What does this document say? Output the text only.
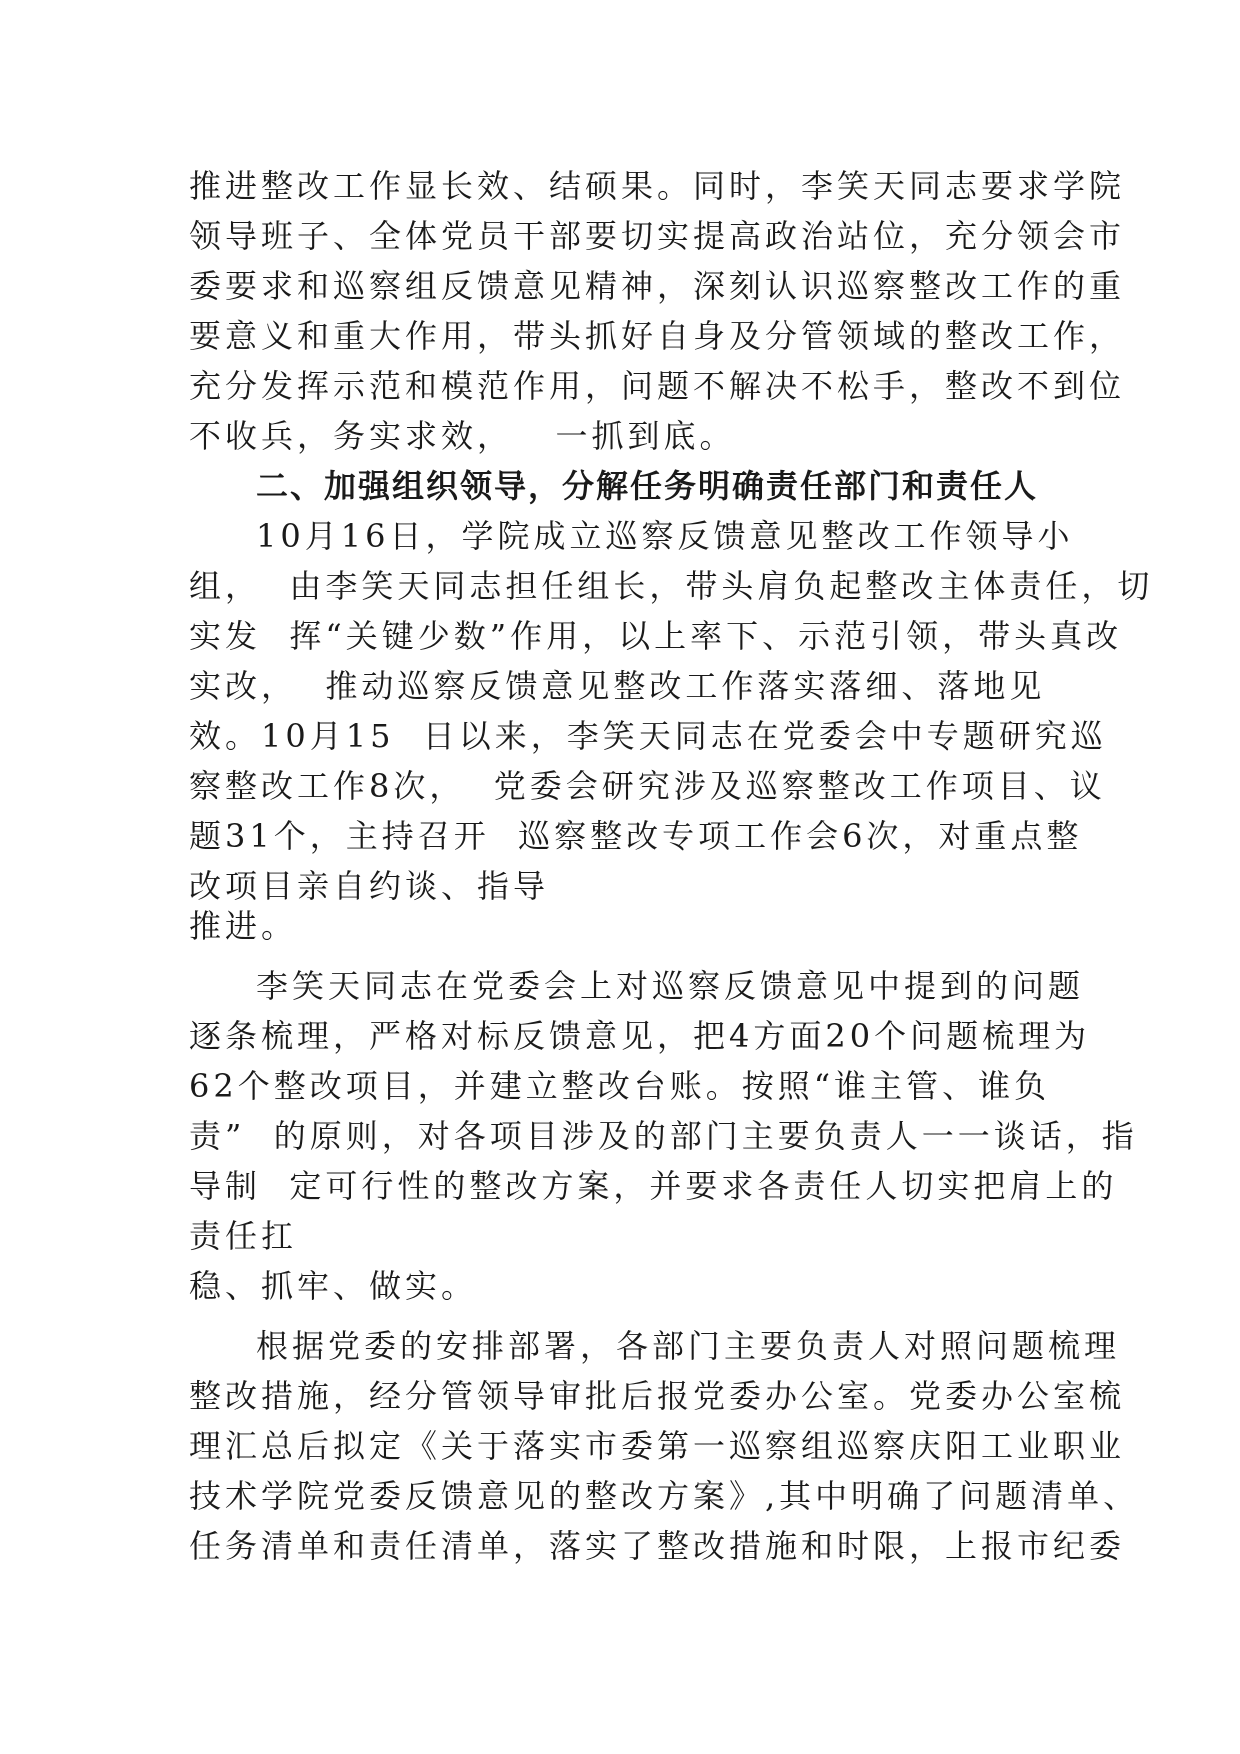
推进整改工作显长效、结硕果。同时，李笑天同志要求学院
领导班子、全体党员干部要切实提高政治站位，充分领会市
委要求和巡察组反馈意见精神，深刻认识巡察整改工作的重
要意义和重大作用，带头抓好自身及分管领域的整改工作，
充分发挥示范和模范作用，问题不解决不松手，整改不到位
不收兵，务实求效，   一抓到底。
二、加强组织领导，分解任务明确责任部门和责任人
10月16日，学院成立巡察反馈意见整改工作领导小
组，  由李笑天同志担任组长，带头肩负起整改主体责任，切
实发  挥“关键少数”作用，以上率下、示范引领，带头真改
实改，  推动巡察反馈意见整改工作落实落细、落地见
效。10月15  日以来，李笑天同志在党委会中专题研究巡
察整改工作8次，  党委会研究涉及巡察整改工作项目、议
题31个，主持召开  巡察整改专项工作会6次，对重点整
改项目亲自约谈、指导
推进。
李笑天同志在党委会上对巡察反馈意见中提到的问题
逐条梳理，严格对标反馈意见，把4方面20个问题梳理为
62个整改项目，并建立整改台账。按照“谁主管、谁负
责”  的原则，对各项目涉及的部门主要负责人一一谈话，指
导制  定可行性的整改方案，并要求各责任人切实把肩上的
责任扛
稳、抓牢、做实。
根据党委的安排部署，各部门主要负责人对照问题梳理
整改措施，经分管领导审批后报党委办公室。党委办公室梳
理汇总后拟定《关于落实市委第一巡察组巡察庆阳工业职业
技术学院党委反馈意见的整改方案》,其中明确了问题清单、
任务清单和责任清单，落实了整改措施和时限，上报市纪委
